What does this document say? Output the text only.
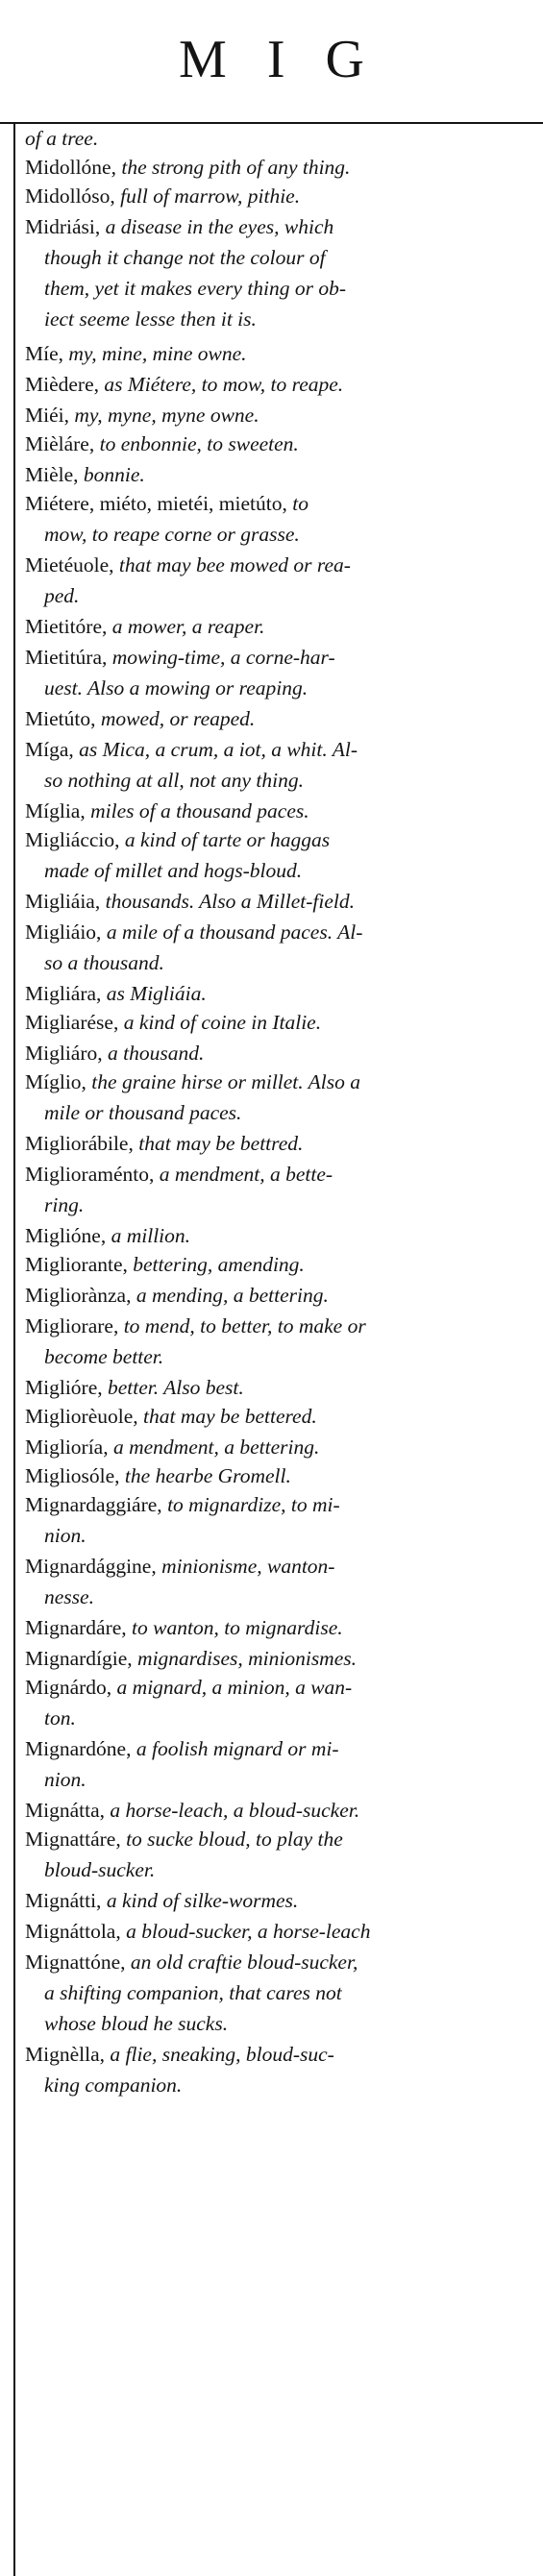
MIG

of a tree.

Midollóne, the strong pith of any thing.

Midollóso, full of marrow, pithie.

Midriási, a disease in the eyes, which
though it change not the colour of
them, yet it makes every thing or ob-
iect seeme lesse then it is.

Míe, my, mine, mine owne.

Mièdere, as Miétere, to mow, to reape.

Miéi, my, myne, myne owne.

Mièláre, to enbonnie, to sweeten.

Mièle, bonnie.

Miétere, miéto, mietéi, mietúto, to
mow, to reape corne or grasse.

Mietéuole, that may bee mowed or rea-
ped.

Mietitóre, a mower, a reaper.

Mietitúra, mowing-time, a corne-har-
uest. Also a mowing or reaping.

Mietúto, mowed, or reaped.

Míga, as Mica, a crum, a iot, a whit. Al-
so nothing at all, not any thing.

Míglia, miles of a thousand paces.

Migliáccio, a kind of tarte or haggas
made of millet and hogs-bloud.

Migliáia, thousands. Also a Millet-field.

Migliáio, a mile of a thousand paces. Al-
so a thousand.

Migliára, as Migliáia.

Migliarése, a kind of coine in Italie.

Migliáro, a thousand.

Míglio, the graine hirse or millet. Also a
mile or thousand paces.

Migliorábile, that may be bettred.

Miglioraménto, a mendment, a bette-
ring.

Miglióne, a million.

Migliorante, bettering, amending.

Migliorànza, a mending, a bettering.

Migliorare, to mend, to better, to make or
become better.

Miglióre, better. Also best.

Migliorèuole, that may be bettered.

Miglioría, a mendment, a bettering.

Migliosóle, the hearbe Gromell.

Mignardaggiáre, to mignardize, to mi-
nion.

Mignardággine, minionisme, wanton-
nesse.

Mignardáre, to wanton, to mignardise.

Mignardígie, mignardises, minionismes.

Mignárdo, a mignard, a minion, a wan-
ton.

Mignardóne, a foolish mignard or mi-
nion.

Mignátta, a horse-leach, a bloud-sucker.

Mignattáre, to sucke bloud, to play the
bloud-sucker.

Mignátti, a kind of silke-wormes.

Mignáttola, a bloud-sucker, a horse-leach

Mignattóne, an old craftie bloud-sucker,
a shifting companion, that cares not
whose bloud he sucks.

Mignèlla, a flie, sneaking, bloud-suc-
king companion.
